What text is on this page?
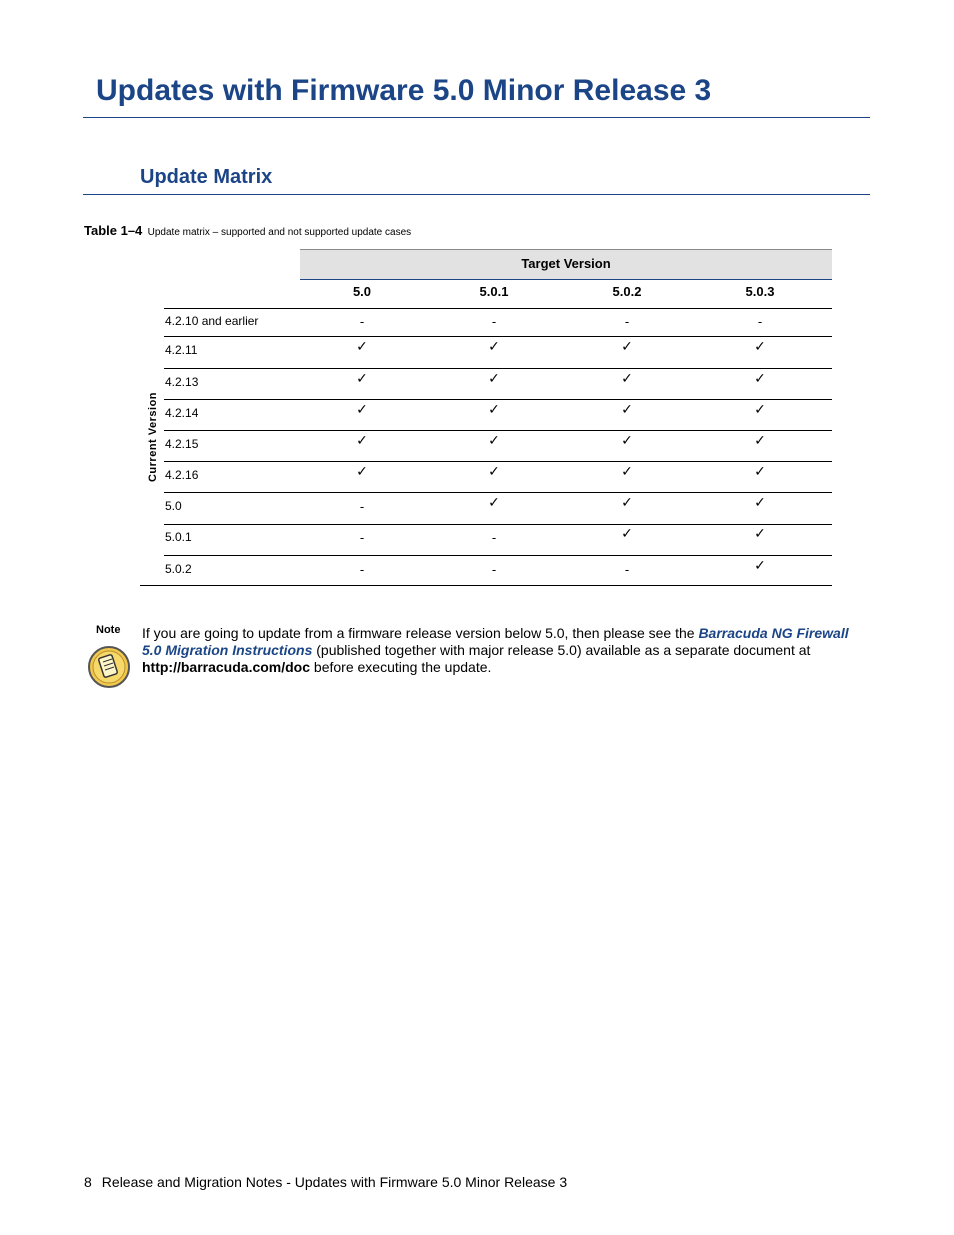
Updates with Firmware 5.0 Minor Release 3
Update Matrix
Table 1–4 Update matrix – supported and not supported update cases
Target Version
Current Version
5.0	5.0.1	5.0.2	5.0.3
4.2.10 and earlier	-	-	-	-
4.2.11	✓	✓	✓	✓
4.2.13	✓	✓	✓	✓
4.2.14	✓	✓	✓	✓
4.2.15	✓	✓	✓	✓
4.2.16	✓	✓	✓	✓
5.0	-	✓	✓	✓
5.0.1	-	-	✓	✓
5.0.2	-	-	-	✓
Note If you are going to update from a firmware release version below 5.0, then please see the Barracuda NG Firewall 5.0 Migration Instructions (published together with major release 5.0) available as a separate document at http://barracuda.com/doc before executing the update.
8 Release and Migration Notes - Updates with Firmware 5.0 Minor Release 3
